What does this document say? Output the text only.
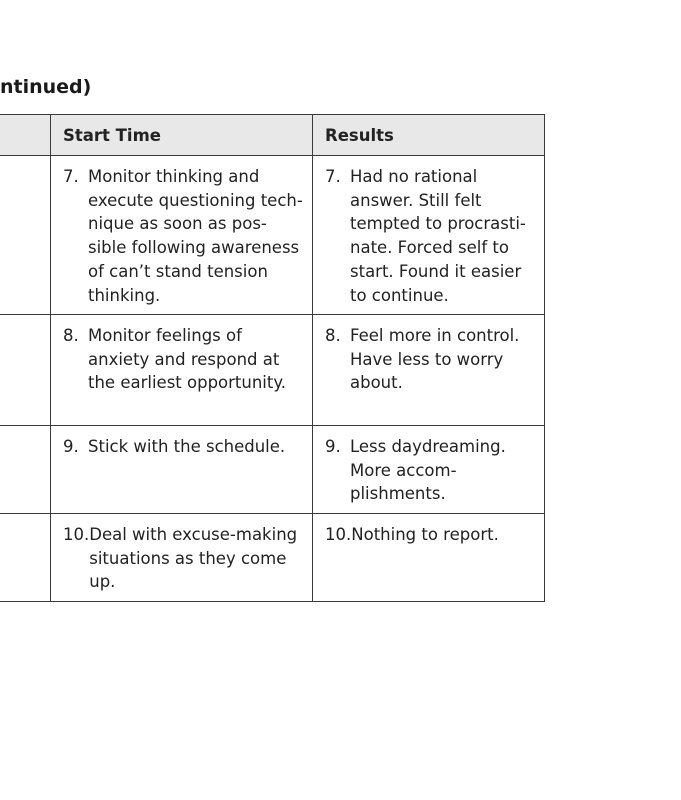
ntinued)

	Start Time	Results

7. Monitor thinking and execute questioning tech-nique as soon as pos-sible following awareness of can’t stand tension thinking.	7. Had no rational answer. Still felt tempted to procrasti-nate. Forced self to start. Found it easier to continue.

8. Monitor feelings of anxiety and respond at the earliest opportunity.	8. Feel more in control. Have less to worry about.

9. Stick with the schedule.	9. Less daydreaming. More accom-plishments.

10. Deal with excuse-making situations as they come up.	10. Nothing to report.
